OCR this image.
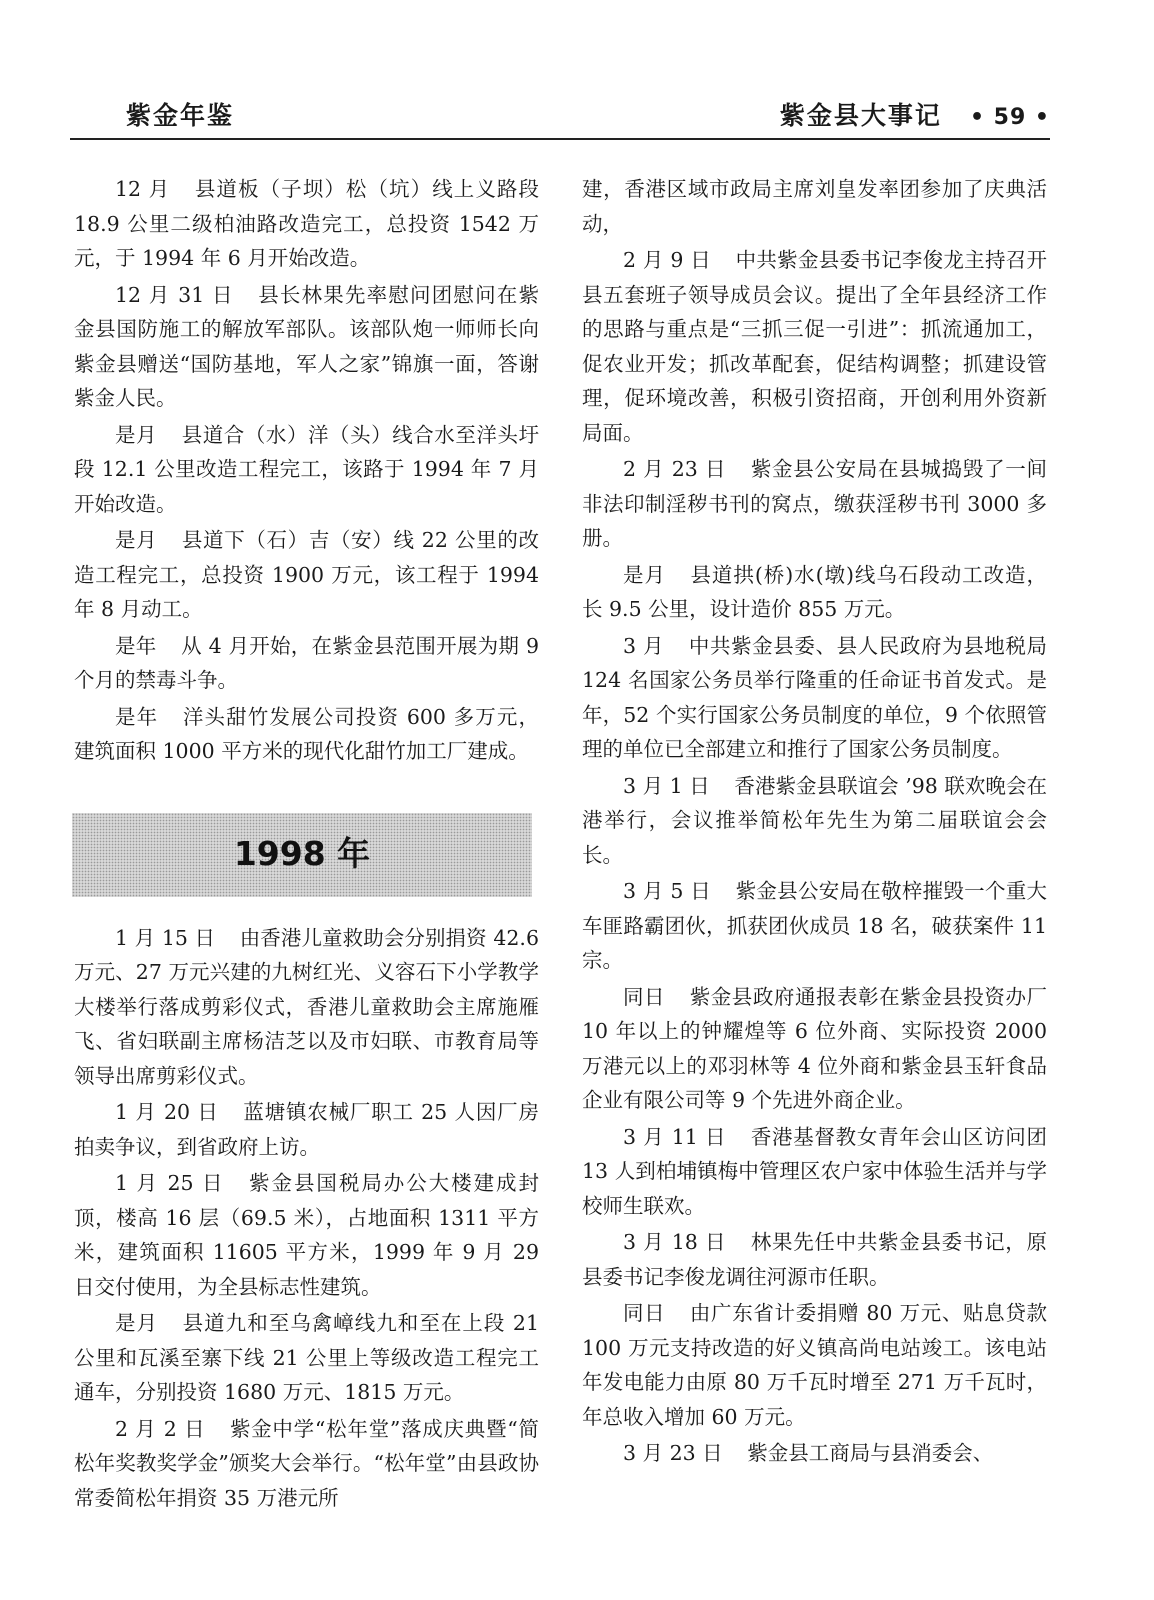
紫金年鉴	紫金县大事记 • 59 •

12 月 县道板（子坝）松（坑）线上义路段 18.9 公里二级柏油路改造完工，总投资 1542 万元，于 1994 年 6 月开始改造。

12 月 31 日 县长林果先率慰问团慰问在紫金县国防施工的解放军部队。该部队炮一师师长向紫金县赠送“国防基地，军人之家”锦旗一面，答谢紫金人民。

是月 县道合（水）洋（头）线合水至洋头圩段 12.1 公里改造工程完工，该路于 1994 年 7 月开始改造。

是月 县道下（石）吉（安）线 22 公里的改造工程完工，总投资 1900 万元，该工程于 1994 年 8 月动工。

是年 从 4 月开始，在紫金县范围开展为期 9 个月的禁毒斗争。

是年 洋头甜竹发展公司投资 600 多万元，建筑面积 1000 平方米的现代化甜竹加工厂建成。

1998 年

1 月 15 日 由香港儿童救助会分别捐资 42.6 万元、27 万元兴建的九树红光、义容石下小学教学大楼举行落成剪彩仪式，香港儿童救助会主席施雁飞、省妇联副主席杨洁芝以及市妇联、市教育局等领导出席剪彩仪式。

1 月 20 日 蓝塘镇农械厂职工 25 人因厂房拍卖争议，到省政府上访。

1 月 25 日 紫金县国税局办公大楼建成封顶，楼高 16 层（69.5 米），占地面积 1311 平方米，建筑面积 11605 平方米，1999 年 9 月 29 日交付使用，为全县标志性建筑。

是月 县道九和至乌禽嶂线九和至在上段 21 公里和瓦溪至寨下线 21 公里上等级改造工程完工通车，分别投资 1680 万元、1815 万元。

2 月 2 日 紫金中学“松年堂”落成庆典暨“简松年奖教奖学金”颁奖大会举行。“松年堂”由县政协常委简松年捐资 35 万港元所

建，香港区域市政局主席刘皇发率团参加了庆典活动，

2 月 9 日 中共紫金县委书记李俊龙主持召开县五套班子领导成员会议。提出了全年县经济工作的思路与重点是“三抓三促一引进”：抓流通加工，促农业开发；抓改革配套，促结构调整；抓建设管理，促环境改善，积极引资招商，开创利用外资新局面。

2 月 23 日 紫金县公安局在县城捣毁了一间非法印制淫秽书刊的窝点，缴获淫秽书刊 3000 多册。

是月 县道拱(桥)水(墩)线乌石段动工改造，长 9.5 公里，设计造价 855 万元。

3 月 中共紫金县委、县人民政府为县地税局 124 名国家公务员举行隆重的任命证书首发式。是年，52 个实行国家公务员制度的单位，9 个依照管理的单位已全部建立和推行了国家公务员制度。

3 月 1 日 香港紫金县联谊会 ’98 联欢晚会在港举行，会议推举简松年先生为第二届联谊会会长。

3 月 5 日 紫金县公安局在敬梓摧毁一个重大车匪路霸团伙，抓获团伙成员 18 名，破获案件 11 宗。

同日 紫金县政府通报表彰在紫金县投资办厂 10 年以上的钟耀煌等 6 位外商、实际投资 2000 万港元以上的邓羽林等 4 位外商和紫金县玉轩食品企业有限公司等 9 个先进外商企业。

3 月 11 日 香港基督教女青年会山区访问团 13 人到柏埔镇梅中管理区农户家中体验生活并与学校师生联欢。

3 月 18 日 林果先任中共紫金县委书记，原县委书记李俊龙调往河源市任职。

同日 由广东省计委捐赠 80 万元、贴息贷款 100 万元支持改造的好义镇高尚电站竣工。该电站年发电能力由原 80 万千瓦时增至 271 万千瓦时，年总收入增加 60 万元。

3 月 23 日 紫金县工商局与县消委会、
